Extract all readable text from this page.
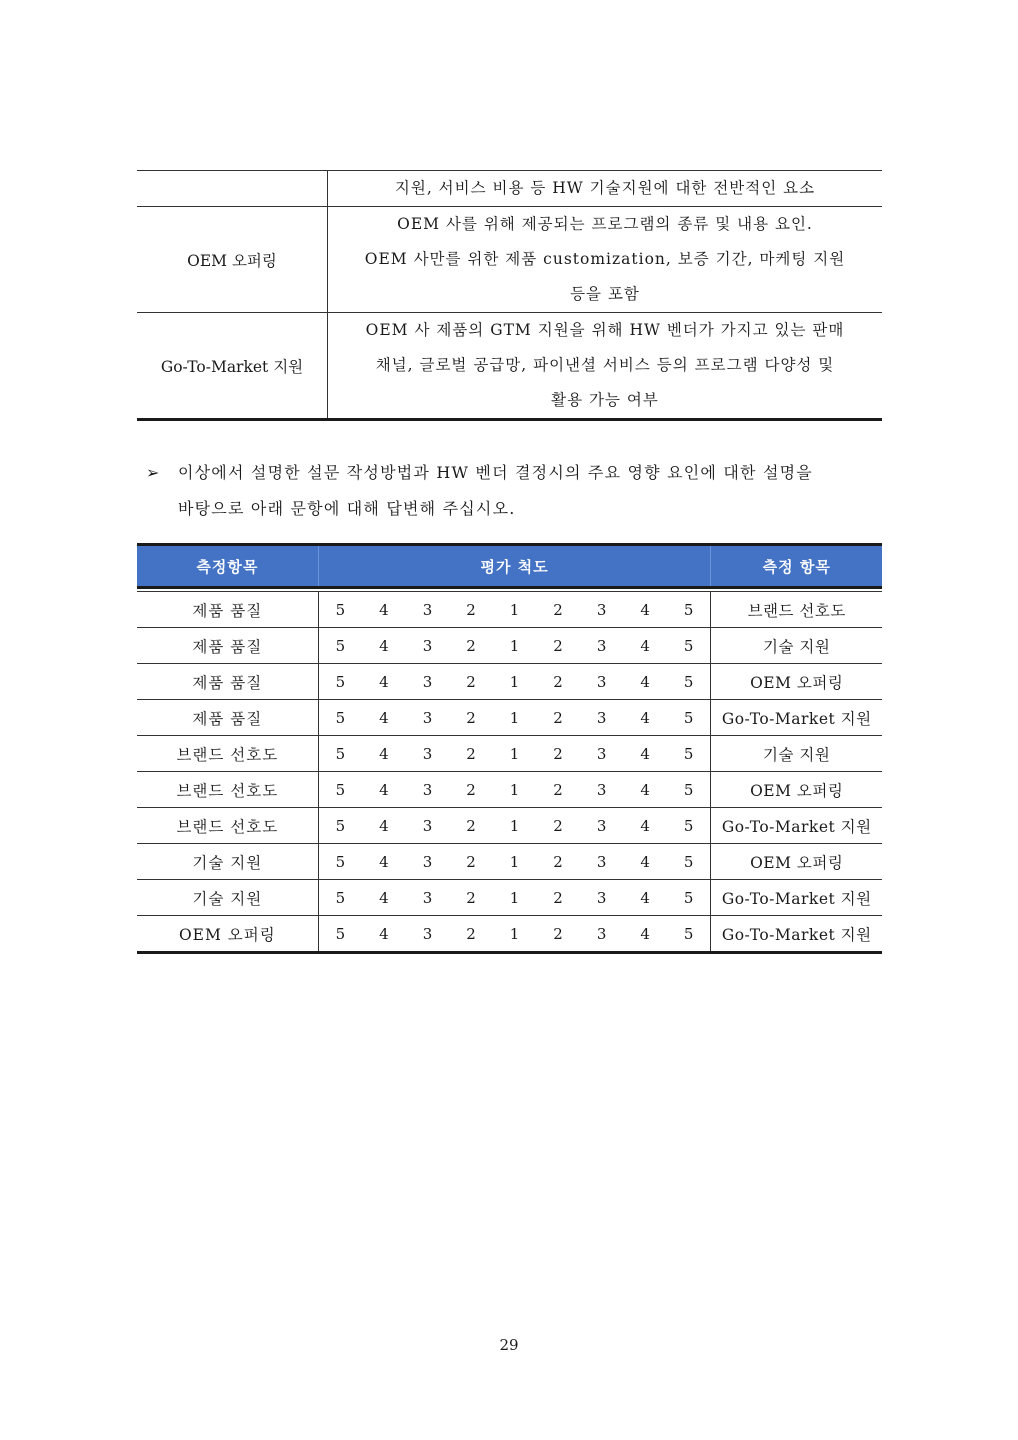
	지원, 서비스 비용 등 HW 기술지원에 대한 전반적인 요소

OEM 오퍼링	OEM 사를 위해 제공되는 프로그램의 종류 및 내용 요인.
OEM 사만를 위한 제품 customization, 보증 기간, 마케팅 지원
등을 포함

Go-To-Market 지원	OEM 사 제품의 GTM 지원을 위해 HW 벤더가 가지고 있는 판매
채널, 글로벌 공급망, 파이낸셜 서비스 등의 프로그램 다양성 및
활용 가능 여부
➢	이상에서 설명한 설문 작성방법과 HW 벤더 결정시의 주요 영향 요인에 대한 설명을
바탕으로 아래 문항에 대해 답변해 주십시오.
측정항목	평가 척도									측정 항목

제품 품질	5	4	3	2	1	2	3	4	5	브랜드 선호도
제품 품질	5	4	3	2	1	2	3	4	5	기술 지원
제품 품질	5	4	3	2	1	2	3	4	5	OEM 오퍼링
제품 품질	5	4	3	2	1	2	3	4	5	Go-To-Market 지원
브랜드 선호도	5	4	3	2	1	2	3	4	5	기술 지원
브랜드 선호도	5	4	3	2	1	2	3	4	5	OEM 오퍼링
브랜드 선호도	5	4	3	2	1	2	3	4	5	Go-To-Market 지원
기술 지원	5	4	3	2	1	2	3	4	5	OEM 오퍼링
기술 지원	5	4	3	2	1	2	3	4	5	Go-To-Market 지원
OEM 오퍼링	5	4	3	2	1	2	3	4	5	Go-To-Market 지원
29
